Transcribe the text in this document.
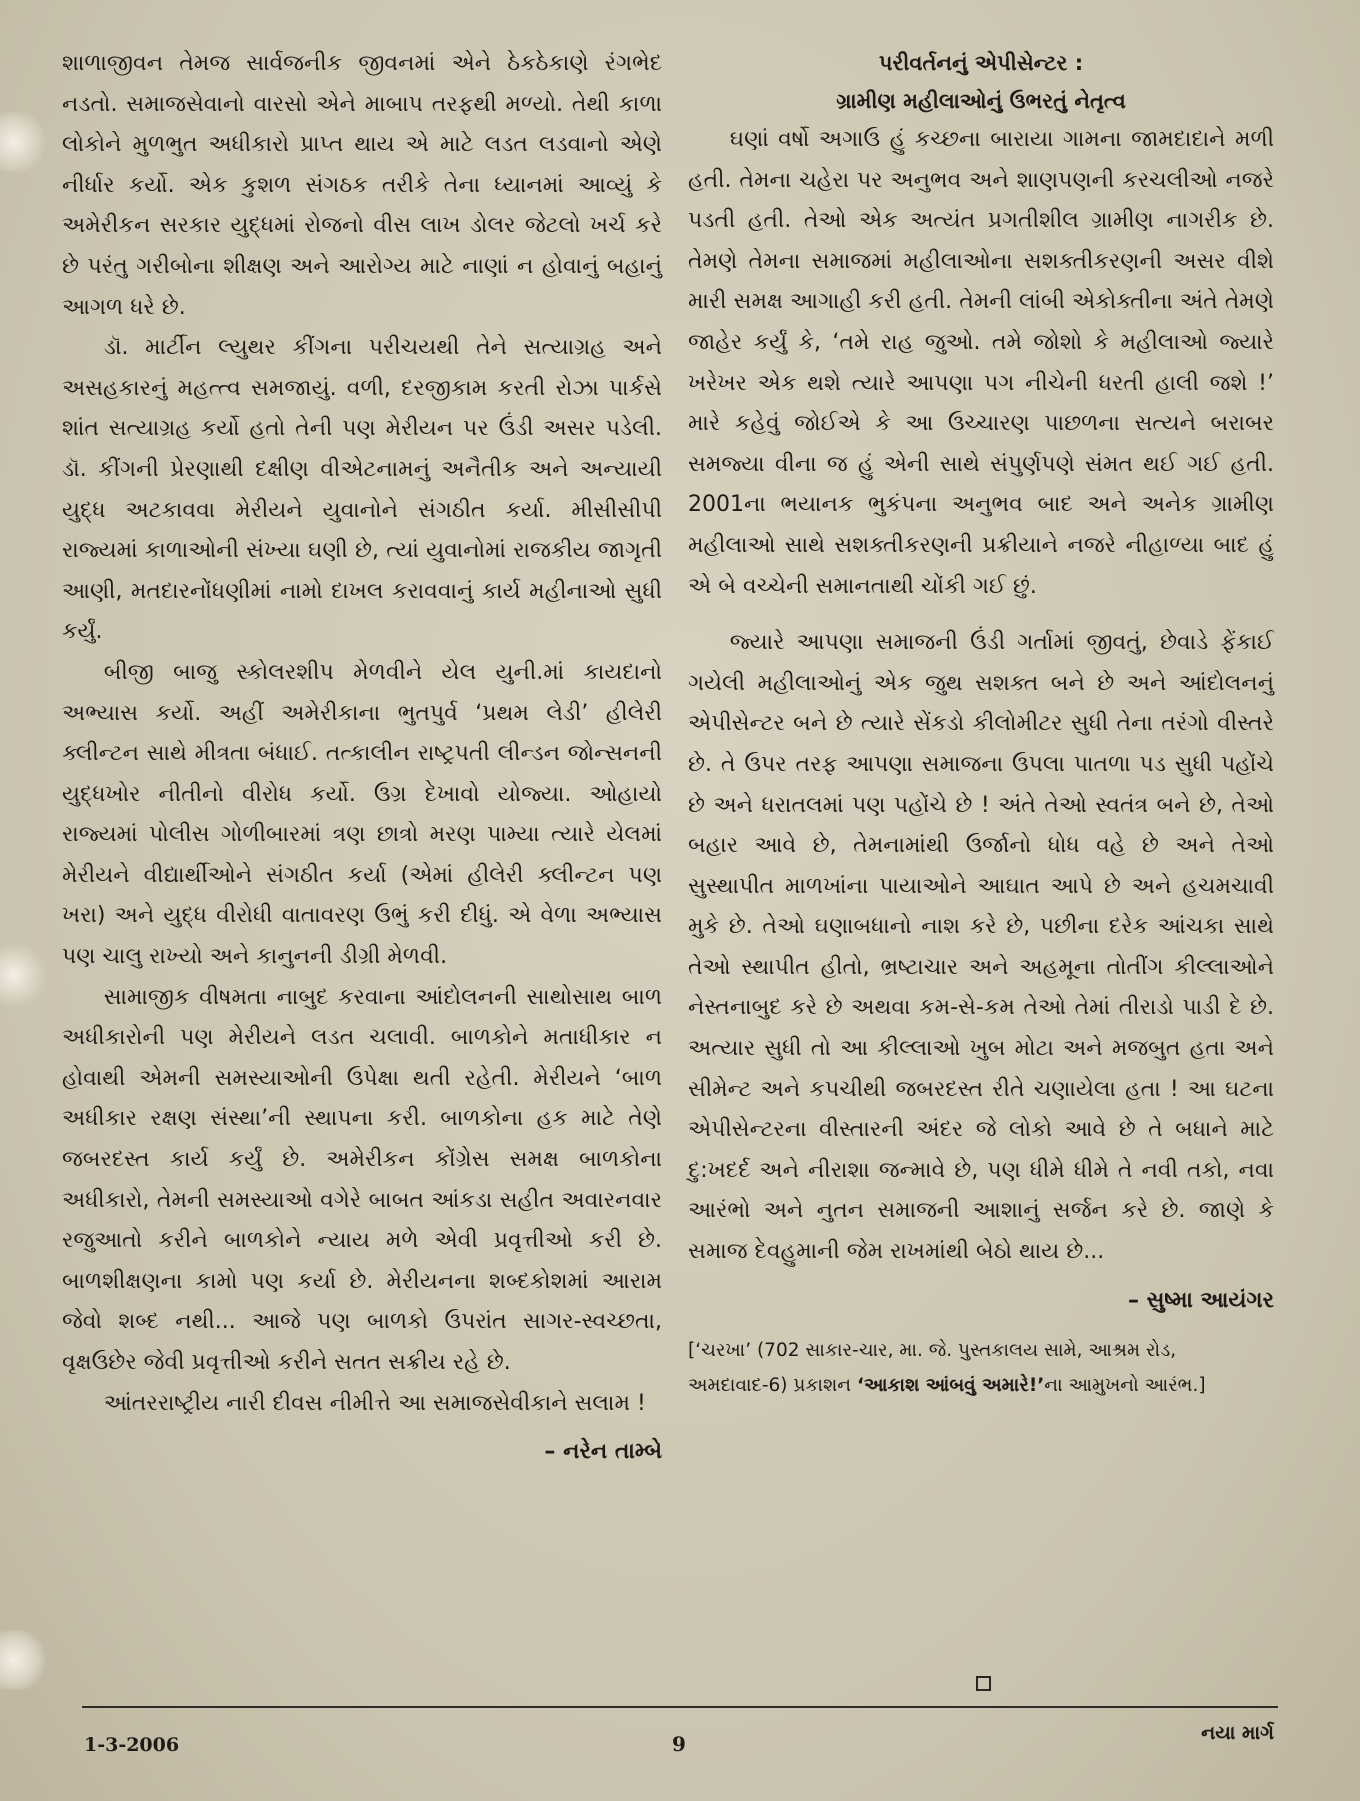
શાળાજીવન તેમજ સાર્વજનીક જીવનમાં એને ઠેકઠેકાણે રંગભેદ નડતો. સમાજસેવાનો વારસો એને માબાપ તરફથી મળ્યો. તેથી કાળા લોકોને મુળભુત અધીકારો પ્રાપ્ત થાય એ માટે લડત લડવાનો એણે નીર્ધાર કર્યો. એક કુશળ સંગઠક તરીકે તેના ધ્યાનમાં આવ્યું કે અમેરીકન સરકાર યુદ્ધમાં રોજનો વીસ લાખ ડોલર જેટલો ખર્ચ કરે છે પરંતુ ગરીબોના શીક્ષણ અને આરોગ્ય માટે નાણાં ન હોવાનું બહાનું આગળ ધરે છે.

ડૉ. માર્ટીન લ્યુથર કીંગના પરીચયથી તેને સત્યાગ્રહ અને અસહકારનું મહત્ત્વ સમજાયું. વળી, દરજીકામ કરતી રોઝા પાર્કસે શાંત સત્યાગ્રહ કર્યો હતો તેની પણ મેરીયન પર ઉંડી અસર પડેલી. ડૉ. કીંગની પ્રેરણાથી દક્ષીણ વીએટનામનું અનૈતીક અને અન્યાયી યુદ્ધ અટકાવવા મેરીયને યુવાનોને સંગઠીત કર્યા. મીસીસીપી રાજ્યમાં કાળાઓની સંખ્યા ઘણી છે, ત્યાં યુવાનોમાં રાજકીય જાગૃતી આણી, મતદારનોંધણીમાં નામો દાખલ કરાવવાનું કાર્ય મહીનાઓ સુધી કર્યું.

બીજી બાજુ સ્કોલરશીપ મેળવીને યેલ યુની.માં કાયદાનો અભ્યાસ કર્યો. અહીં અમેરીકાના ભુતપુર્વ ‘પ્રથમ લેડી’ હીલેરી ક્લીન્ટન સાથે મીત્રતા બંધાઈ. તત્કાલીન રાષ્ટ્રપતી લીન્ડન જોન્સનની યુદ્ધખોર નીતીનો વીરોધ કર્યો. ઉગ્ર દેખાવો યોજ્યા. ઓહાયો રાજ્યમાં પોલીસ ગોળીબારમાં ત્રણ છાત્રો મરણ પામ્યા ત્યારે યેલમાં મેરીયને વીદ્યાર્થીઓને સંગઠીત કર્યા (એમાં હીલેરી ક્લીન્ટન પણ ખરા) અને યુદ્ધ વીરોધી વાતાવરણ ઉભું કરી દીધું. એ વેળા અભ્યાસ પણ ચાલુ રાખ્યો અને કાનુનની ડીગ્રી મેળવી.

સામાજીક વીષમતા નાબુદ કરવાના આંદોલનની સાથોસાથ બાળ અધીકારોની પણ મેરીયને લડત ચલાવી. બાળકોને મતાધીકાર ન હોવાથી એમની સમસ્યાઓની ઉપેક્ષા થતી રહેતી. મેરીયને ‘બાળ અધીકાર રક્ષણ સંસ્થા’ની સ્થાપના કરી. બાળકોના હક માટે તેણે જબરદસ્ત કાર્ય કર્યું છે. અમેરીકન કોંગ્રેસ સમક્ષ બાળકોના અધીકારો, તેમની સમસ્યાઓ વગેરે બાબત આંકડા સહીત અવારનવાર રજુઆતો કરીને બાળકોને ન્યાય મળે એવી પ્રવૃત્તીઓ કરી છે. બાળશીક્ષણના કામો પણ કર્યા છે. મેરીયનના શબ્દકોશમાં આરામ જેવો શબ્દ નથી... આજે પણ બાળકો ઉપરાંત સાગર-સ્વચ્છતા, વૃક્ષઉછેર જેવી પ્રવૃત્તીઓ કરીને સતત સક્રીય રહે છે.

આંતરરાષ્ટ્રીય નારી દીવસ નીમીત્તે આ સમાજસેવીકાને સલામ !

– નરેન તામ્બે
પરીવર્તનનું એપીસેન્ટર :
ગ્રામીણ મહીલાઓનું ઉભરતું નેતૃત્વ

ઘણાં વર્ષો અગાઉ હું કચ્છના બારાયા ગામના જામદાદાને મળી હતી. તેમના ચહેરા પર અનુભવ અને શાણપણની કરચલીઓ નજરે પડતી હતી. તેઓ એક અત્યંત પ્રગતીશીલ ગ્રામીણ નાગરીક છે. તેમણે તેમના સમાજમાં મહીલાઓના સશક્તીકરણની અસર વીશે મારી સમક્ષ આગાહી કરી હતી. તેમની લાંબી એકોક્તીના અંતે તેમણે જાહેર કર્યું કે, ‘તમે રાહ જુઓ. તમે જોશો કે મહીલાઓ જ્યારે ખરેખર એક થશે ત્યારે આપણા પગ નીચેની ધરતી હાલી જશે !’ મારે કહેવું જોઈએ કે આ ઉચ્ચારણ પાછળના સત્યને બરાબર સમજ્યા વીના જ હું એની સાથે સંપુર્ણપણે સંમત થઈ ગઈ હતી. 2001ના ભયાનક ભુકંપના અનુભવ બાદ અને અનેક ગ્રામીણ મહીલાઓ સાથે સશક્તીકરણની પ્રક્રીયાને નજરે નીહાળ્યા બાદ હું એ બે વચ્ચેની સમાનતાથી ચોંકી ગઈ છું.

જ્યારે આપણા સમાજની ઉંડી ગર્તામાં જીવતું, છેવાડે ફેંકાઈ ગયેલી મહીલાઓનું એક જુથ સશક્ત બને છે અને આંદોલનનું એપીસેન્ટર બને છે ત્યારે સેંકડો કીલોમીટર સુધી તેના તરંગો વીસ્તરે છે. તે ઉપર તરફ આપણા સમાજના ઉપલા પાતળા પડ સુધી પહોંચે છે અને ધરાતલમાં પણ પહોંચે છે ! અંતે તેઓ સ્વતંત્ર બને છે, તેઓ બહાર આવે છે, તેમનામાંથી ઉર્જાનો ધોધ વહે છે અને તેઓ સુસ્થાપીત માળખાંના પાયાઓને આઘાત આપે છે અને હચમચાવી મુકે છે. તેઓ ઘણાબધાનો નાશ કરે છે, પછીના દરેક આંચકા સાથે તેઓ સ્થાપીત હીતો, ભ્રષ્ટાચાર અને અહમૂના તોતીંગ કીલ્લાઓને નેસ્તનાબુદ કરે છે અથવા કમ-સે-કમ તેઓ તેમાં તીરાડો પાડી દે છે. અત્યાર સુધી તો આ કીલ્લાઓ ખુબ મોટા અને મજબુત હતા અને સીમેન્ટ અને કપચીથી જબરદસ્ત રીતે ચણાયેલા હતા ! આ ઘટના એપીસેન્ટરના વીસ્તારની અંદર જે લોકો આવે છે તે બધાને માટે દુ:ખદર્દ અને નીરાશા જન્માવે છે, પણ ધીમે ધીમે તે નવી તકો, નવા આરંભો અને નુતન સમાજની આશાનું સર્જન કરે છે. જાણે કે સમાજ દેવહુમાની જેમ રાખમાંથી બેઠો થાય છે...

– સુષ્મા આયંગર
[‘ચરખા’ (702 સાકાર-ચાર, મા. જે. પુસ્તકાલય સામે, આશ્રમ રોડ, અમદાવાદ-6) પ્રકાશન ‘આકાશ આંબવું અમારે!’ના આમુખનો આરંભ.]
1-3-2006	9	નયા માર્ગ
